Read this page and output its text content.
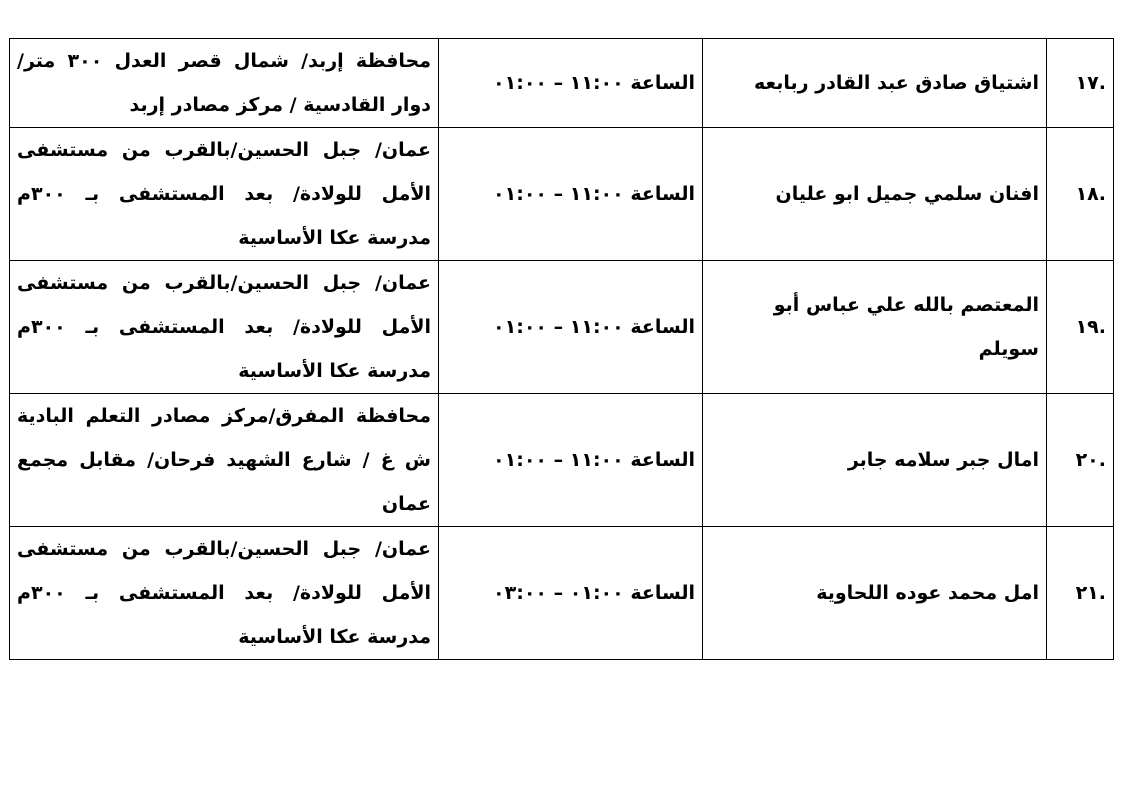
.١٧	اشتياق صادق عبد القادر ربابعه	الساعة ١١:٠٠ – ٠١:٠٠	محافظة إربد/ شمال قصر العدل ٣٠٠ متر/ دوار القادسية / مركز مصادر إربد
.١٨	افنان سلمي جميل ابو عليان	الساعة ١١:٠٠ – ٠١:٠٠	عمان/ جبل الحسين/بالقرب من مستشفى الأمل للولادة/ بعد المستشفى بـ ٣٠٠م مدرسة عكا الأساسية
.١٩	المعتصم بالله علي عباس أبو سويلم	الساعة ١١:٠٠ – ٠١:٠٠	عمان/ جبل الحسين/بالقرب من مستشفى الأمل للولادة/ بعد المستشفى بـ ٣٠٠م مدرسة عكا الأساسية
.٢٠	امال جبر سلامه جابر	الساعة ١١:٠٠ – ٠١:٠٠	محافظة المفرق/مركز مصادر التعلم البادية ش غ / شارع الشهيد فرحان/ مقابل مجمع عمان
.٢١	امل محمد عوده اللحاوية	الساعة ٠١:٠٠ – ٠٣:٠٠	عمان/ جبل الحسين/بالقرب من مستشفى الأمل للولادة/ بعد المستشفى بـ ٣٠٠م مدرسة عكا الأساسية
